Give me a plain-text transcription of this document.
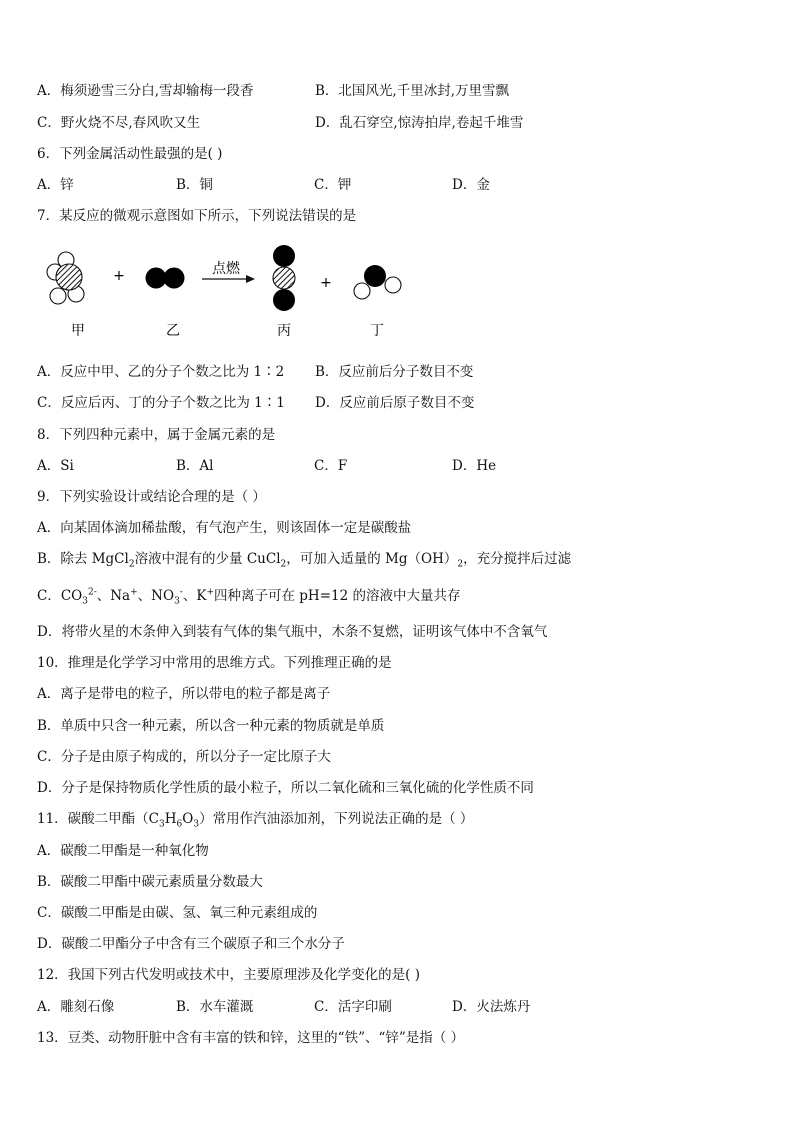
A．梅须逊雪三分白,雪却输梅一段香	B．北国风光,千里冰封,万里雪飘
C．野火烧不尽,春风吹又生	D．乱石穿空,惊涛拍岸,卷起千堆雪
6．下列金属活动性最强的是( )
A．锌	B．铜	C．钾	D．金
7．某反应的微观示意图如下所示，下列说法错误的是
+	点燃
+
甲	乙	丙	丁
A．反应中甲、乙的分子个数之比为 1∶2 B．反应前后分子数目不变
C．反应后丙、丁的分子个数之比为 1∶1 D．反应前后原子数目不变
8．下列四种元素中，属于金属元素的是
A．Si	B．Al	C．F	D．He
9．下列实验设计或结论合理的是（ ）
A．向某固体滴加稀盐酸，有气泡产生，则该固体一定是碳酸盐
B．除去 MgCl$_2$溶液中混有的少量 CuCl$_2$，可加入适量的 $Mg(OH)_2$，充分搅拌后过滤
C．$CO_3^{2-}$、Na+、$NO_3^-$、K+四种离子可在 pH=12 的溶液中大量共存
D．将带火星的木条伸入到装有气体的集气瓶中，木条不复燃，证明该气体中不含氧气
10．推理是化学学习中常用的思维方式。下列推理正确的是
A．离子是带电的粒子，所以带电的粒子都是离子
B．单质中只含一种元素，所以含一种元素的物质就是单质
C．分子是由原子构成的，所以分子一定比原子大
D．分子是保持物质化学性质的最小粒子，所以二氧化硫和三氧化硫的化学性质不同
11．碳酸二甲酯$(C_3H_6O_3)$常用作汽油添加剂，下列说法正确的是（ ）
A．碳酸二甲酯是一种氧化物
B．碳酸二甲酯中碳元素质量分数最大
C．碳酸二甲酯是由碳、氢、氧三种元素组成的
D．碳酸二甲酯分子中含有三个碳原子和三个水分子
12．我国下列古代发明或技术中，主要原理涉及化学变化的是( )
A．雕刻石像	B．水车灌溉	C．活字印刷	D．火法炼丹
13．豆类、动物肝脏中含有丰富的铁和锌，这里的“铁”、“锌”是指（ ）
